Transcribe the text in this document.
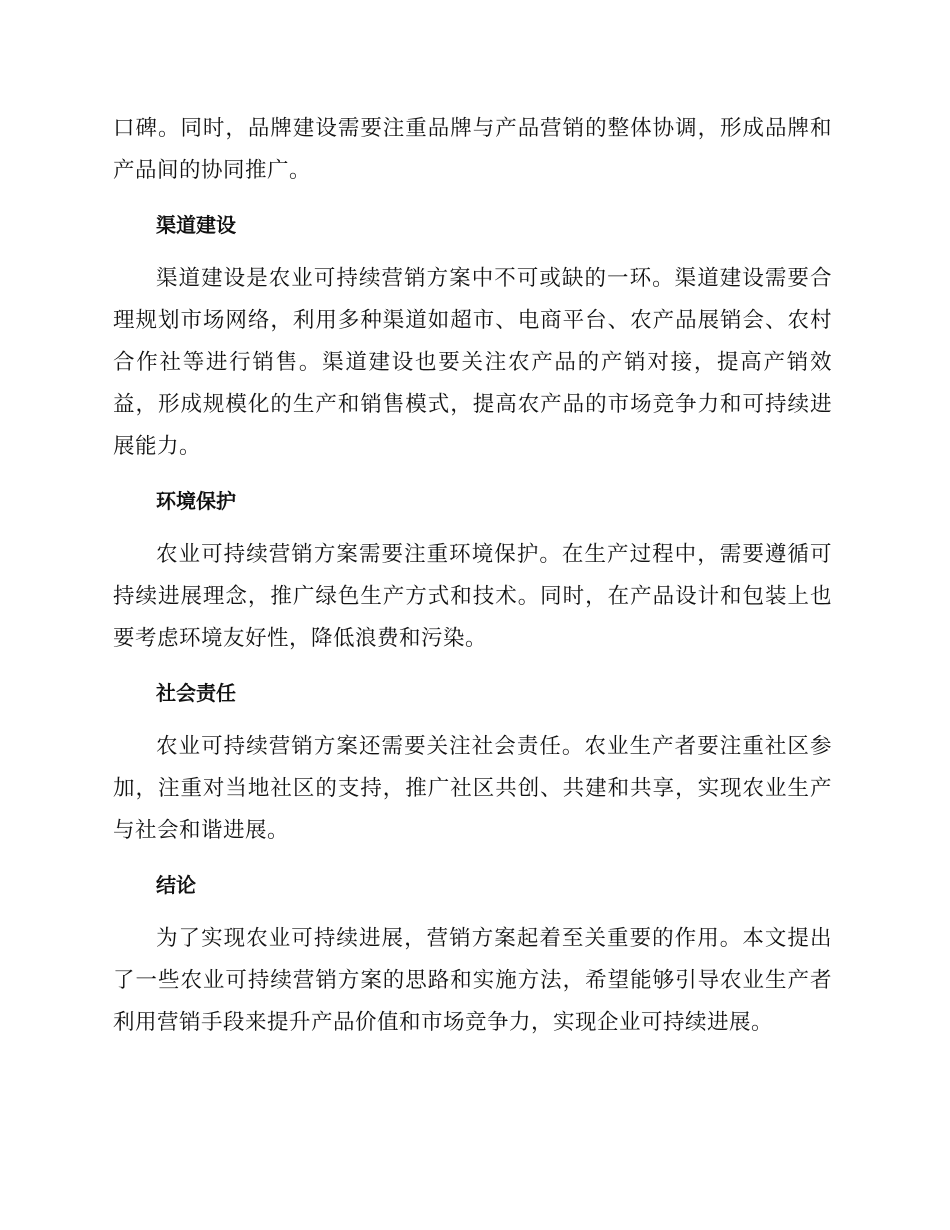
口碑。同时，品牌建设需要注重品牌与产品营销的整体协调，形成品牌和产品间的协同推广。

渠道建设

渠道建设是农业可持续营销方案中不可或缺的一环。渠道建设需要合理规划市场网络，利用多种渠道如超市、电商平台、农产品展销会、农村合作社等进行销售。渠道建设也要关注农产品的产销对接，提高产销效益，形成规模化的生产和销售模式，提高农产品的市场竞争力和可持续进展能力。

环境保护

农业可持续营销方案需要注重环境保护。在生产过程中，需要遵循可持续进展理念，推广绿色生产方式和技术。同时，在产品设计和包装上也要考虑环境友好性，降低浪费和污染。

社会责任

农业可持续营销方案还需要关注社会责任。农业生产者要注重社区参加，注重对当地社区的支持，推广社区共创、共建和共享，实现农业生产与社会和谐进展。

结论

为了实现农业可持续进展，营销方案起着至关重要的作用。本文提出了一些农业可持续营销方案的思路和实施方法，希望能够引导农业生产者利用营销手段来提升产品价值和市场竞争力，实现企业可持续进展。
